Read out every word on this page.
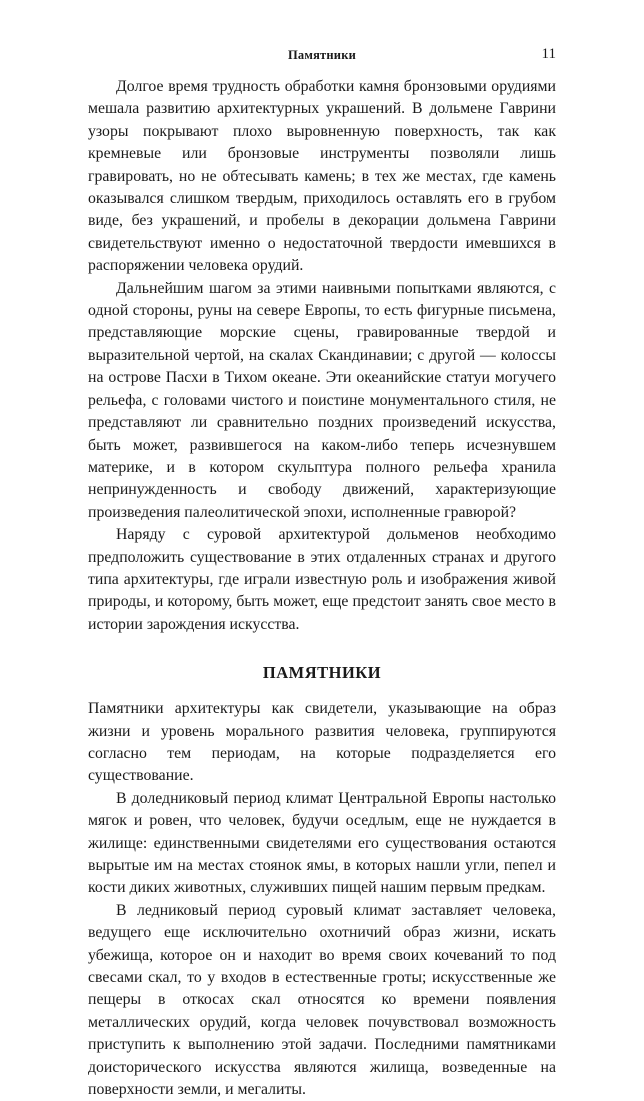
Памятники	11

Долгое время трудность обработки камня бронзовыми орудиями мешала развитию архитектурных украшений. В дольмене Гаврини узоры покрывают плохо выровненную поверхность, так как кремневые или бронзовые инструменты позволяли лишь гравировать, но не обтесывать камень; в тех же местах, где камень оказывался слишком твердым, приходилось оставлять его в грубом виде, без украшений, и пробелы в декорации дольмена Гаврини свидетельствуют именно о недостаточной твердости имевшихся в распоряжении человека орудий.

Дальнейшим шагом за этими наивными попытками являются, с одной стороны, руны на севере Европы, то есть фигурные письмена, представляющие морские сцены, гравированные твердой и выразительной чертой, на скалах Скандинавии; с другой — колоссы на острове Пасхи в Тихом океане. Эти океанийские статуи могучего рельефа, с головами чистого и поистине монументального стиля, не представляют ли сравнительно поздних произведений искусства, быть может, развившегося на каком-либо теперь исчезнувшем материке, и в котором скульптура полного рельефа хранила непринужденность и свободу движений, характеризующие произведения палеолитической эпохи, исполненные гравюрой?

Наряду с суровой архитектурой дольменов необходимо предположить существование в этих отдаленных странах и другого типа архитектуры, где играли известную роль и изображения живой природы, и которому, быть может, еще предстоит занять свое место в истории зарождения искусства.

ПАМЯТНИКИ

Памятники архитектуры как свидетели, указывающие на образ жизни и уровень морального развития человека, группируются согласно тем периодам, на которые подразделяется его существование.

В доледниковый период климат Центральной Европы настолько мягок и ровен, что человек, будучи оседлым, еще не нуждается в жилище: единственными свидетелями его существования остаются вырытые им на местах стоянок ямы, в которых нашли угли, пепел и кости диких животных, служивших пищей нашим первым предкам.

В ледниковый период суровый климат заставляет человека, ведущего еще исключительно охотничий образ жизни, искать убежища, которое он и находит во время своих кочеваний то под свесами скал, то у входов в естественные гроты; искусственные же пещеры в откосах скал относятся ко времени появления металлических орудий, когда человек почувствовал возможность приступить к выполнению этой задачи. Последними памятниками доисторического искусства являются жилища, возведенные на поверхности земли, и мегалиты.
